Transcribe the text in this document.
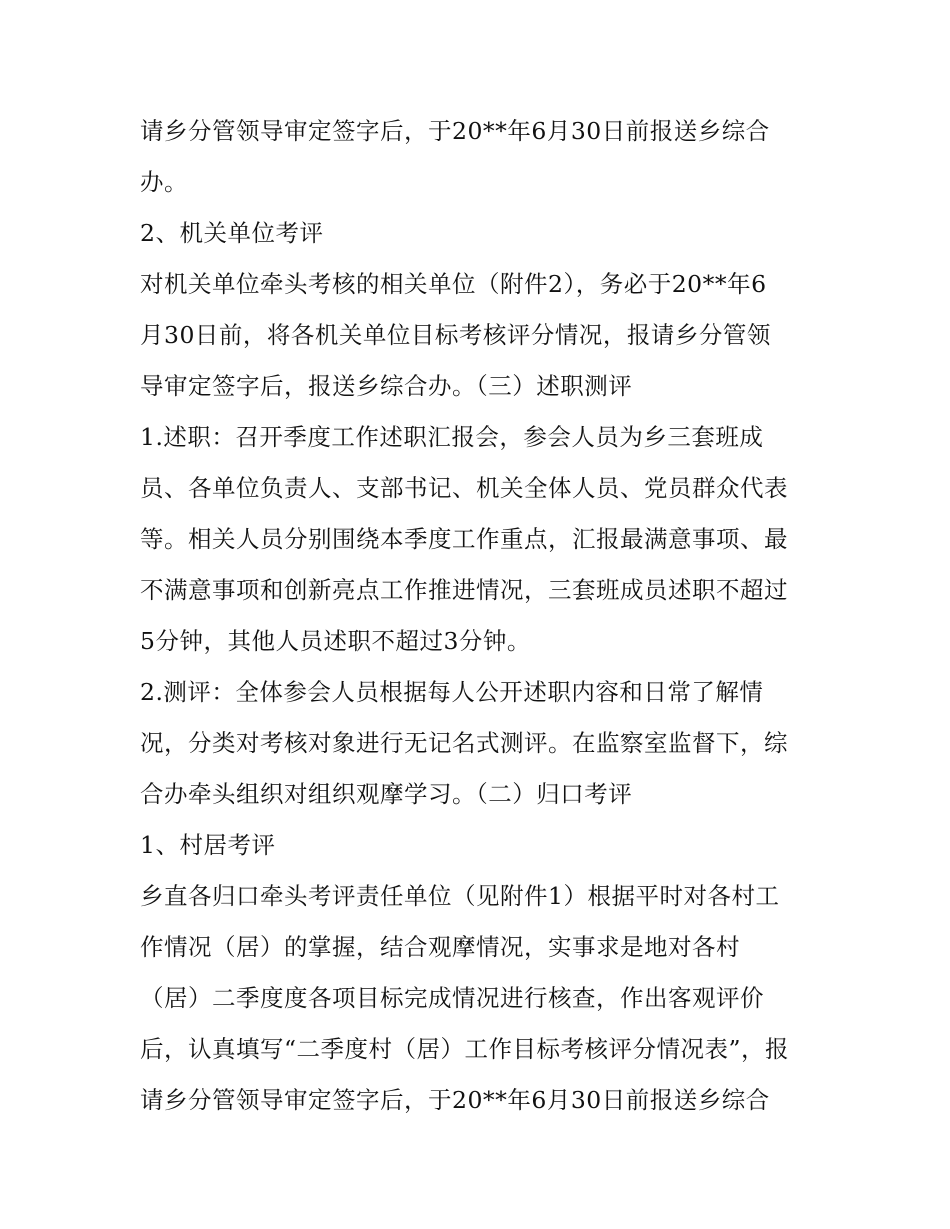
请乡分管领导审定签字后，于20**年6月30日前报送乡综合

办。

2、机关单位考评

对机关单位牵头考核的相关单位（附件2），务必于20**年6

月30日前，将各机关单位目标考核评分情况，报请乡分管领

导审定签字后，报送乡综合办。（三）述职测评

1.述职：召开季度工作述职汇报会，参会人员为乡三套班成

员、各单位负责人、支部书记、机关全体人员、党员群众代表

等。相关人员分别围绕本季度工作重点，汇报最满意事项、最

不满意事项和创新亮点工作推进情况，三套班成员述职不超过

5分钟，其他人员述职不超过3分钟。

2.测评：全体参会人员根据每人公开述职内容和日常了解情

况，分类对考核对象进行无记名式测评。在监察室监督下，综

合办牵头组织对组织观摩学习。（二）归口考评

1、村居考评

乡直各归口牵头考评责任单位（见附件1）根据平时对各村工

作情况（居）的掌握，结合观摩情况，实事求是地对各村

（居）二季度度各项目标完成情况进行核查，作出客观评价

后，认真填写“二季度村（居）工作目标考核评分情况表”，报

请乡分管领导审定签字后，于20**年6月30日前报送乡综合
